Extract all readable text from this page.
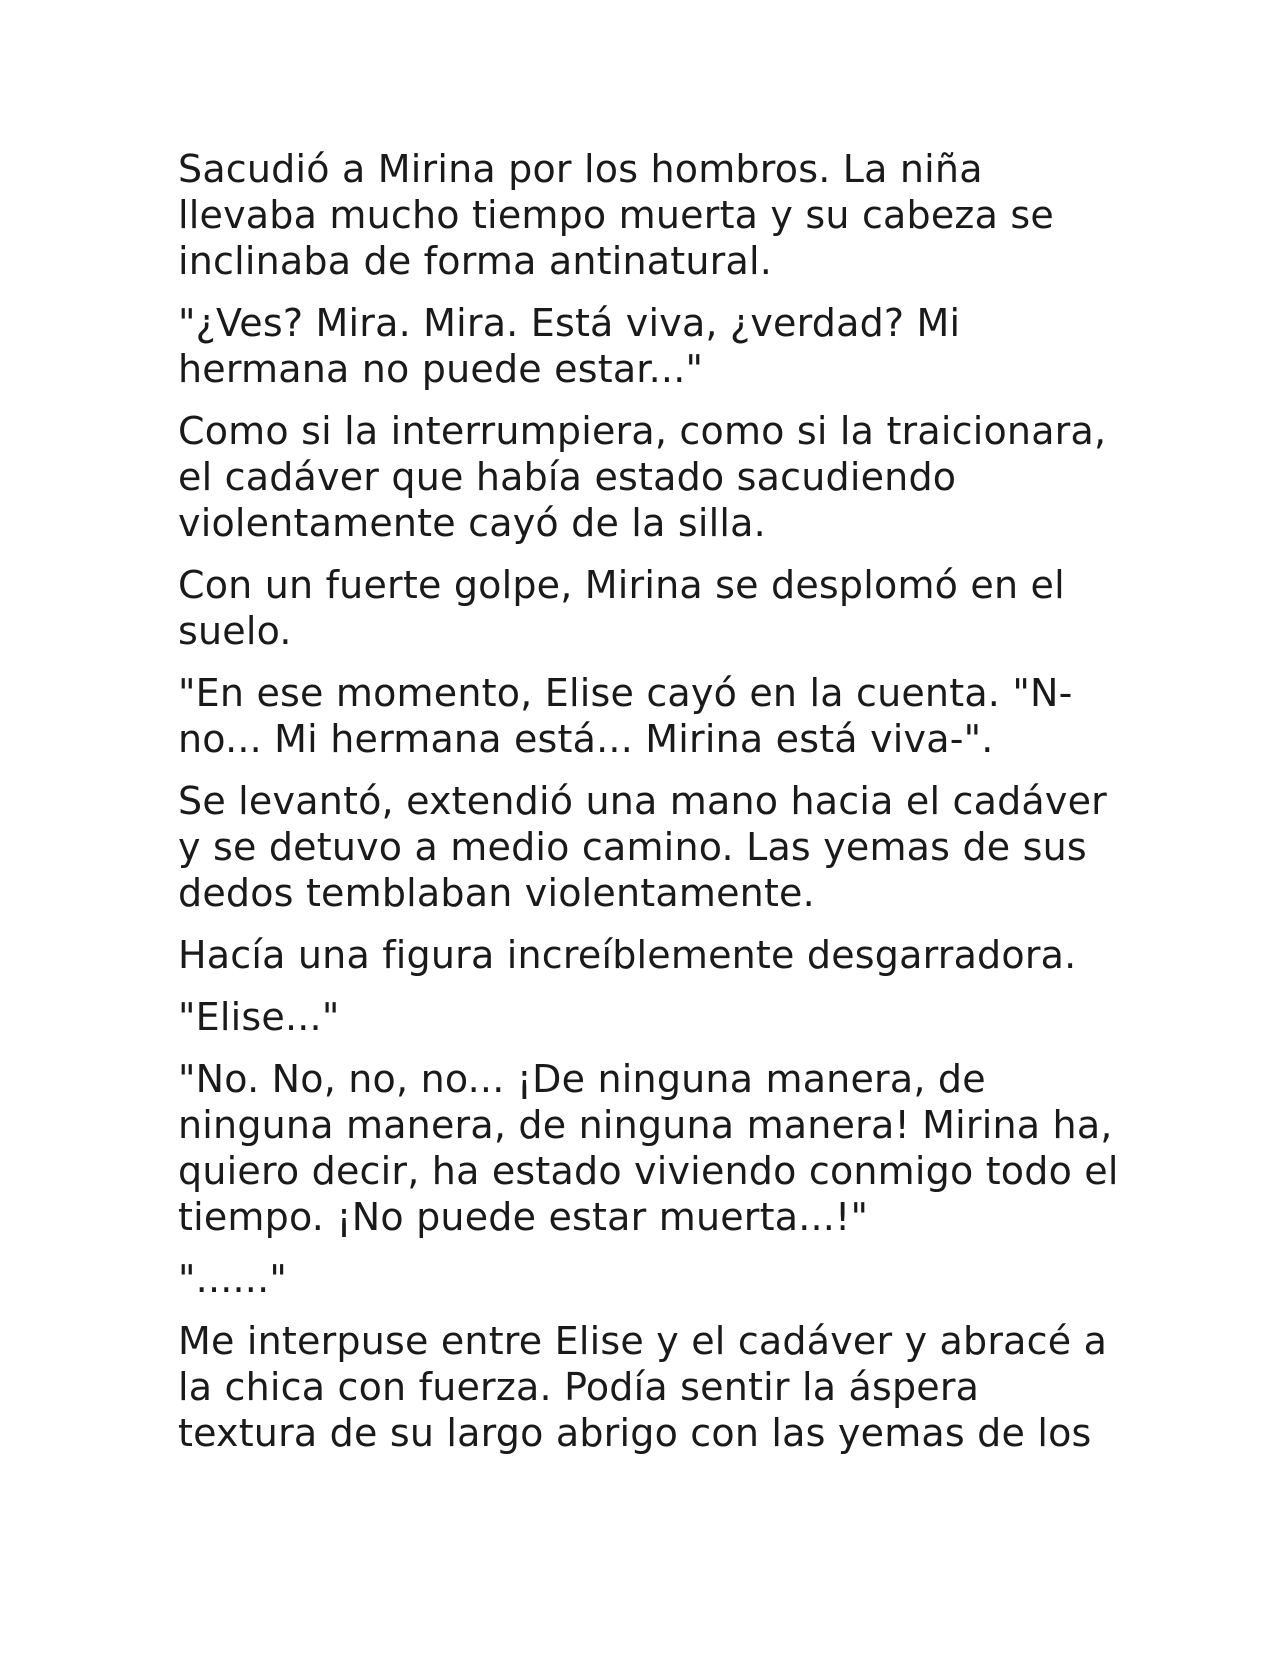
Sacudió a Mirina por los hombros. La niña
llevaba mucho tiempo muerta y su cabeza se
inclinaba de forma antinatural.

"¿Ves? Mira. Mira. Está viva, ¿verdad? Mi
hermana no puede estar..."

Como si la interrumpiera, como si la traicionara,
el cadáver que había estado sacudiendo
violentamente cayó de la silla.

Con un fuerte golpe, Mirina se desplomó en el
suelo.

"En ese momento, Elise cayó en la cuenta. "N-
no... Mi hermana está... Mirina está viva-".

Se levantó, extendió una mano hacia el cadáver
y se detuvo a medio camino. Las yemas de sus
dedos temblaban violentamente.

Hacía una figura increíblemente desgarradora.

"Elise..."

"No. No, no, no... ¡De ninguna manera, de
ninguna manera, de ninguna manera! Mirina ha,
quiero decir, ha estado viviendo conmigo todo el
tiempo. ¡No puede estar muerta...!"

"......"

Me interpuse entre Elise y el cadáver y abracé a
la chica con fuerza. Podía sentir la áspera
textura de su largo abrigo con las yemas de los
